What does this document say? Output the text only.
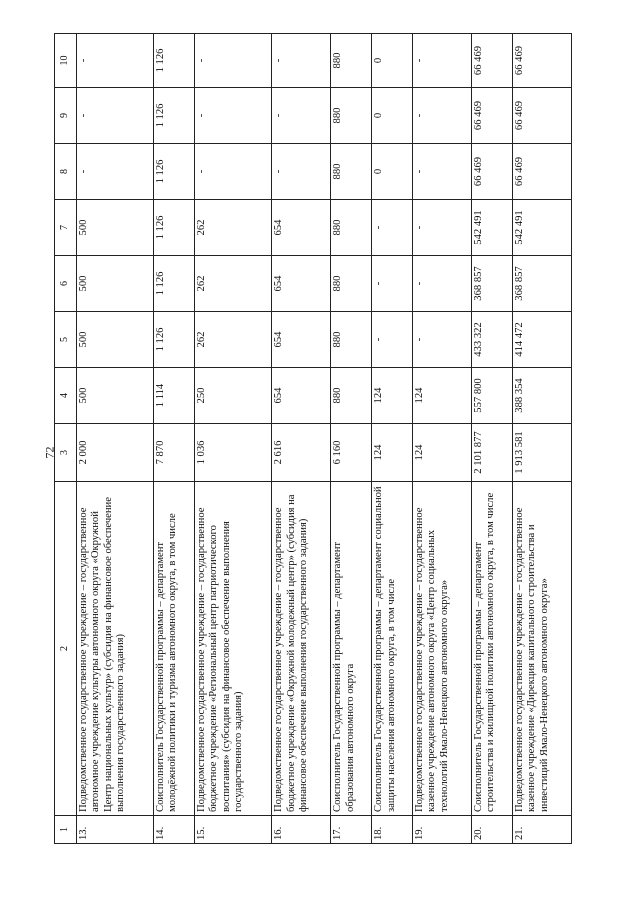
72
1	2	3	4	5	6	7	8	9	10
13.	Подведомственное государственное учреждение – государственное автономное учреждение культуры автономного округа «Окружной Центр национальных культур» (субсидия на финансовое обеспечение выполнения государственного задания)	2 000	500	500	500	500	-	-	-
14.	Соисполнитель Государственной программы – департамент молодёжной политики и туризма автономного округа, в том числе	7 870	1 114	1 126	1 126	1 126	1 126	1 126	1 126
15.	Подведомственное государственное учреждение – государственное бюджетное учреждение «Региональный центр патриотического воспитания» (субсидия на финансовое обеспечение выполнения государственного задания)	1 036	250	262	262	262	-	-	-
16.	Подведомственное государственное учреждение – государственное бюджетное учреждение «Окружной молодежный центр» (субсидия на финансовое обеспечение выполнения государственного задания)	2 616	654	654	654	654	-	-	-
17.	Соисполнитель Государственной программы – департамент образования автономного округа	6 160	880	880	880	880	880	880	880
18.	Соисполнитель Государственной программы – департамент социальной защиты населения автономного округа, в том числе	124	124	-	-	-	0	0	0
19.	Подведомственное государственное учреждение – государственное казенное учреждение автономного округа «Центр социальных технологий Ямало-Ненецкого автономного округа»	124	124	-	-	-	-	-	-
20.	Соисполнитель Государственной программы – департамент строительства и жилищной политики автономного округа, в том числе	2 101 877	557 800	433 322	368 857	542 491	66 469	66 469	66 469
21.	Подведомственное государственное учреждение – государственное казенное учреждение «Дирекция капитального строительства и инвестиций Ямало-Ненецкого автономного округа»	1 913 581	388 354	414 472	368 857	542 491	66 469	66 469	66 469
